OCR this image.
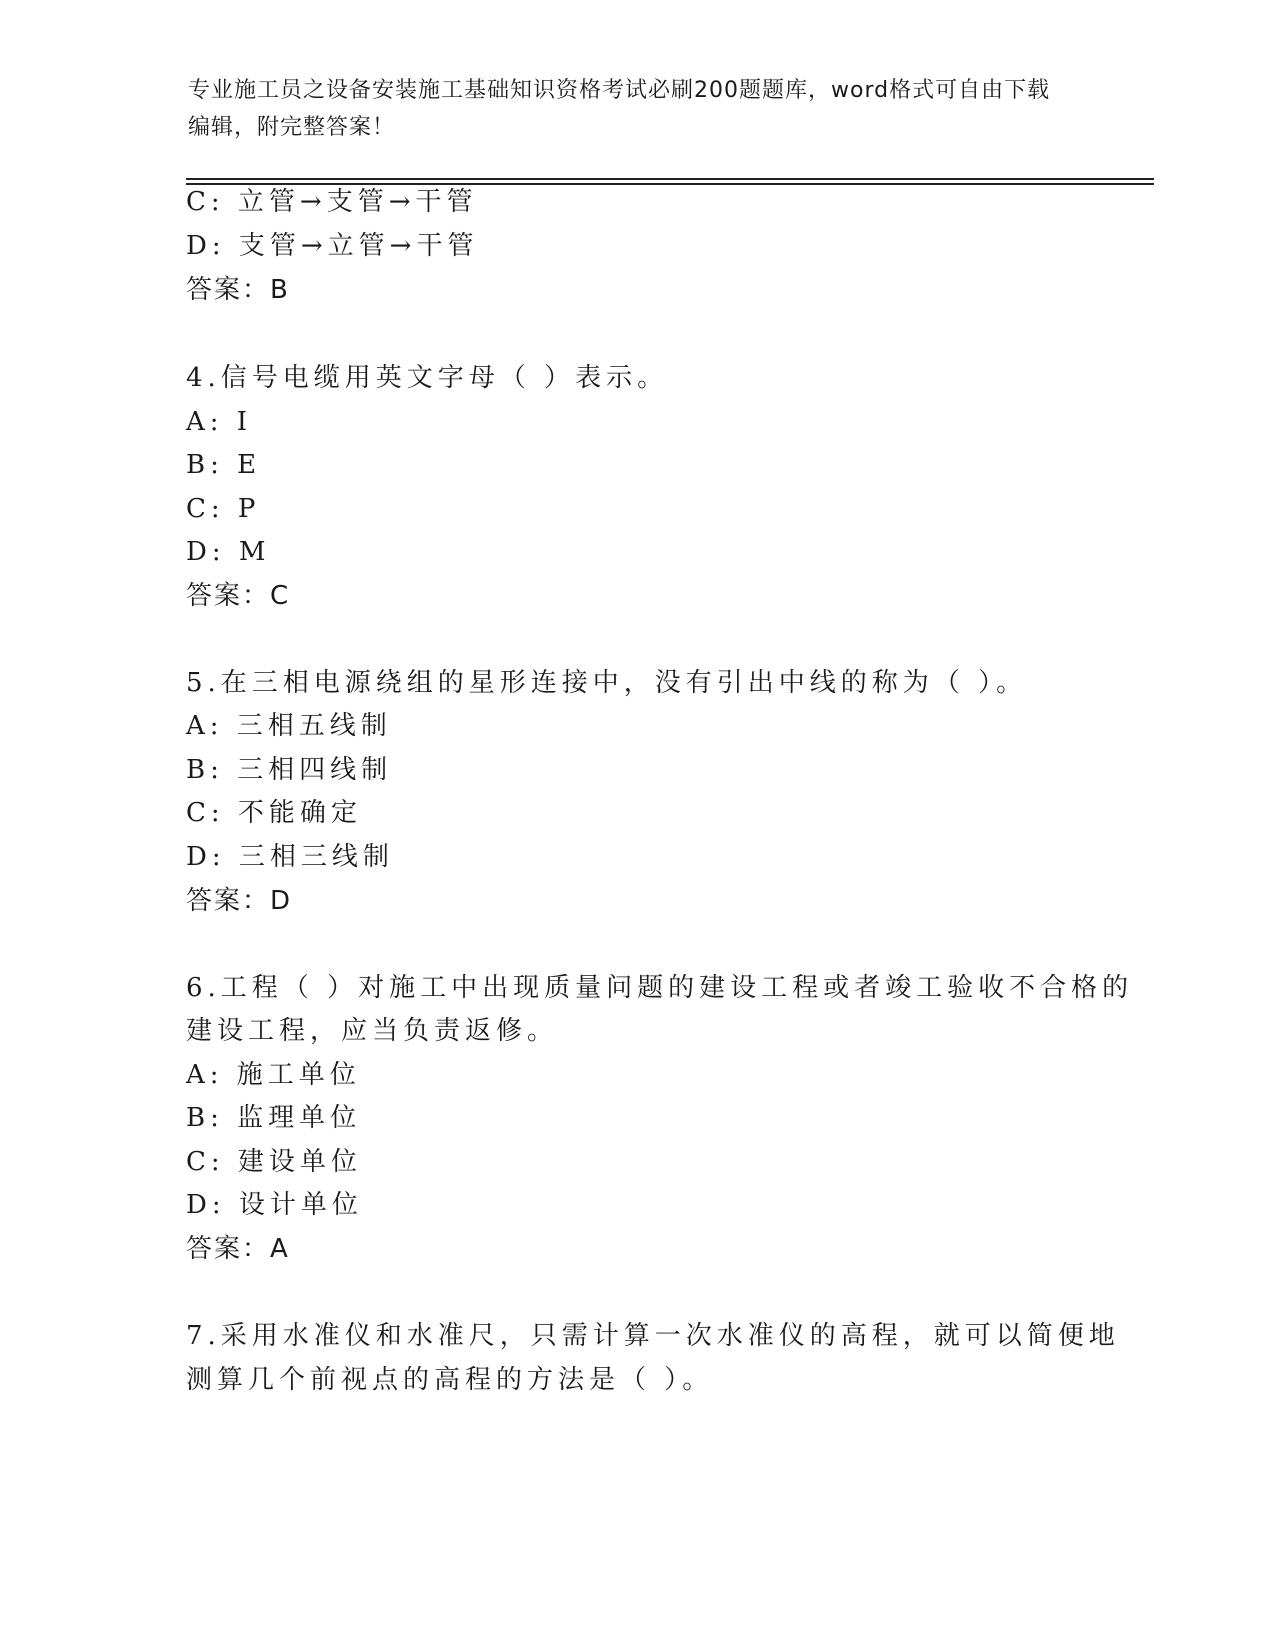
专业施工员之设备安装施工基础知识资格考试必刷200题题库，word格式可自由下载编辑，附完整答案！
C: 立管→支管→干管
D: 支管→立管→干管
答案：B
4.信号电缆用英文字母（ ）表示。
A: I
B: E
C: P
D: M
答案：C
5.在三相电源绕组的星形连接中，没有引出中线的称为（ ）。
A: 三相五线制
B: 三相四线制
C: 不能确定
D: 三相三线制
答案：D
6.工程（ ）对施工中出现质量问题的建设工程或者竣工验收不合格的
建设工程，应当负责返修。
A: 施工单位
B: 监理单位
C: 建设单位
D: 设计单位
答案：A
7.采用水准仪和水准尺，只需计算一次水准仪的高程，就可以简便地
测算几个前视点的高程的方法是（ ）。
